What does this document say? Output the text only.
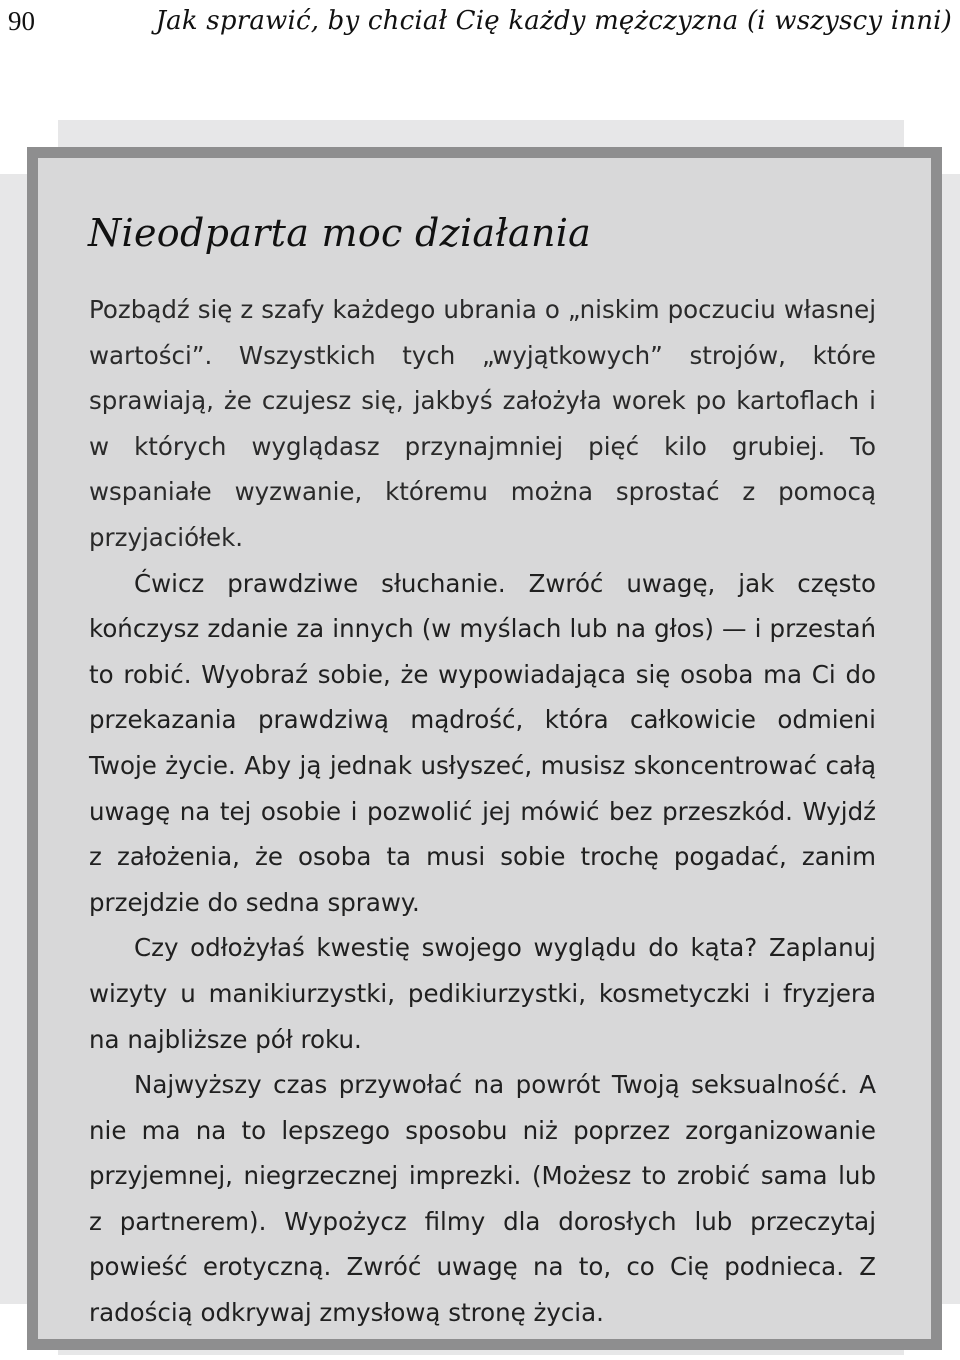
90	Jak sprawić, by chciał Cię każdy mężczyzna (i wszyscy inni)
Nieodparta moc działania

Pozbądź się z szafy każdego ubrania o „niskim poczuciu własnej wartości”. Wszystkich tych „wyjątkowych” strojów, które sprawiają, że czujesz się, jakbyś założyła worek po kartoflach i w których wyglądasz przynajmniej pięć kilo grubiej. To wspaniałe wyzwanie, któremu można sprostać z pomocą przyjaciółek.

Ćwicz prawdziwe słuchanie. Zwróć uwagę, jak często kończysz zdanie za innych (w myślach lub na głos) — i przestań to robić. Wyobraź sobie, że wypowiadająca się osoba ma Ci do przekazania prawdziwą mądrość, która całkowicie odmieni Twoje życie. Aby ją jednak usłyszeć, musisz skoncentrować całą uwagę na tej osobie i pozwolić jej mówić bez przeszkód. Wyjdź z założenia, że osoba ta musi sobie trochę pogadać, zanim przejdzie do sedna sprawy.

Czy odłożyłaś kwestię swojego wyglądu do kąta? Zaplanuj wizyty u manikiurzystki, pedikiurzystki, kosmetyczki i fryzjera na najbliższe pół roku.

Najwyższy czas przywołać na powrót Twoją seksualność. A nie ma na to lepszego sposobu niż poprzez zorganizowanie przyjemnej, niegrzecznej imprezki. (Możesz to zrobić sama lub z partnerem). Wypożycz filmy dla dorosłych lub przeczytaj powieść erotyczną. Zwróć uwagę na to, co Cię podnieca. Z radością odkrywaj zmysłową stronę życia.
